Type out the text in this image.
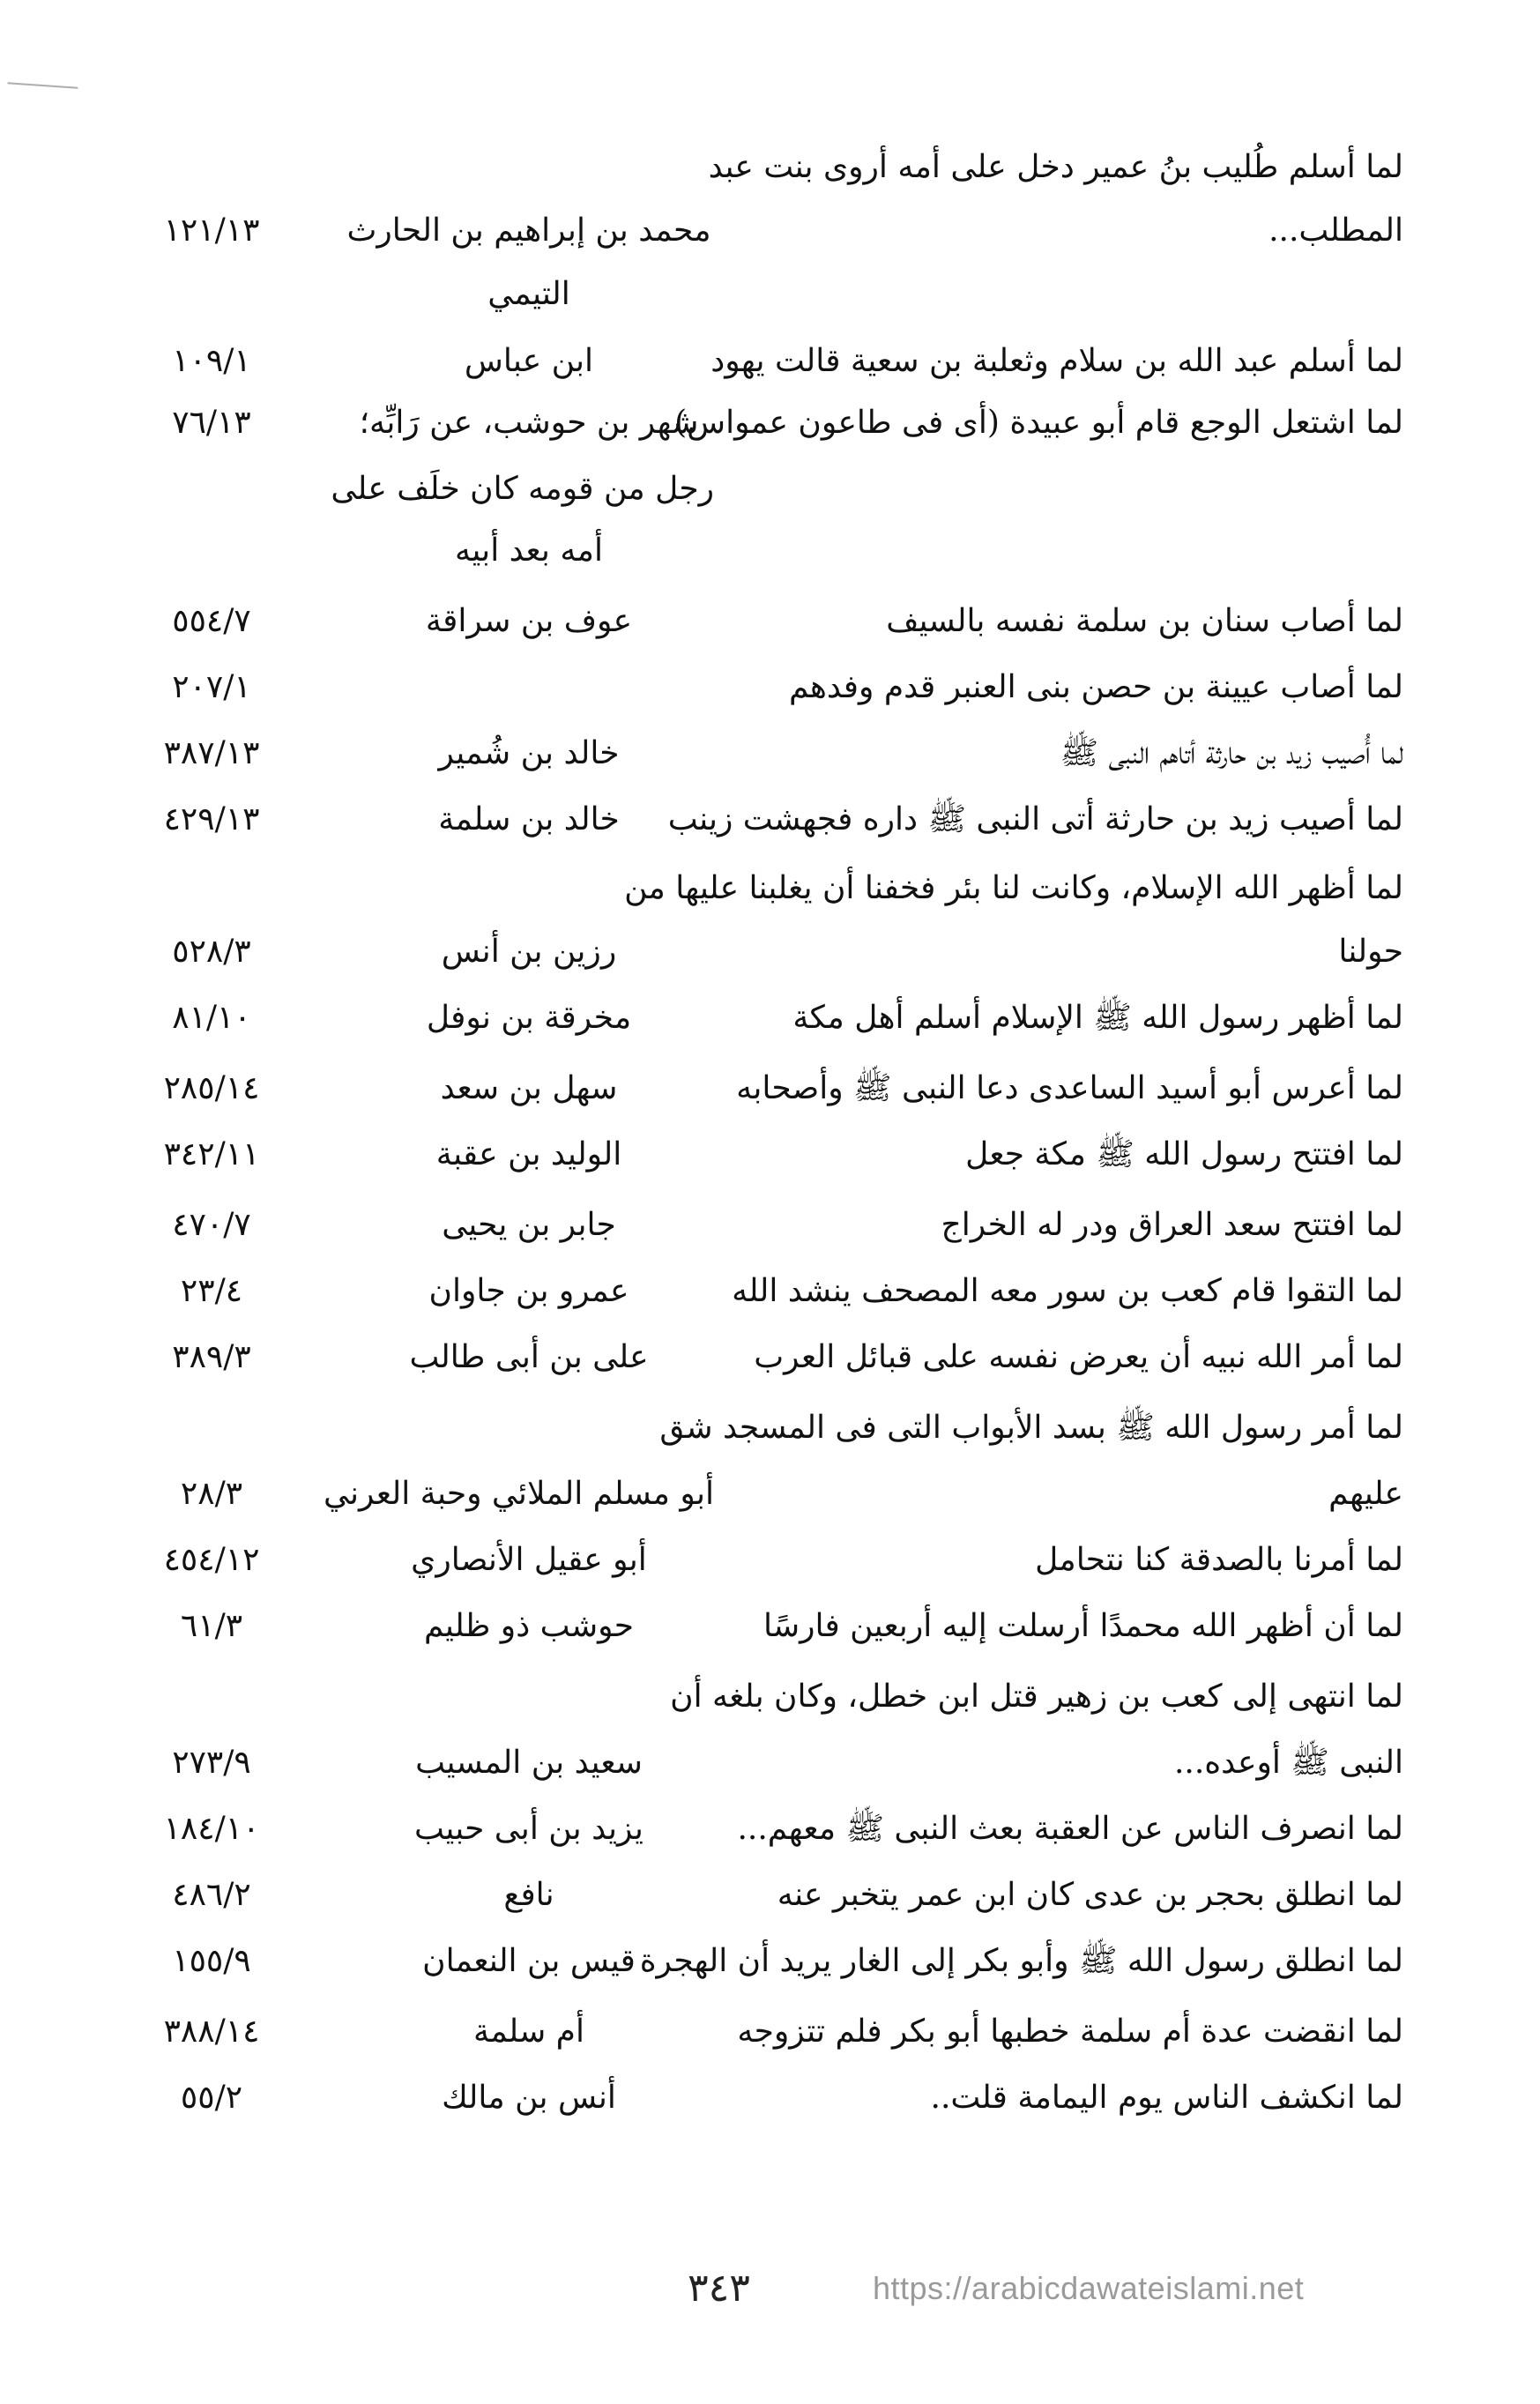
لما أسلم طُليب بنُ عمير دخل على أمه أروى بنت عبد
المطلب...
محمد بن إبراهيم بن الحارث
١٢١/١٣
التيمي
لما أسلم عبد الله بن سلام وثعلبة بن سعية قالت يهود
ابن عباس
١٠٩/١
لما اشتعل الوجع قام أبو عبيدة (أى فى طاعون عمواس)
شهر بن حوشب، عن رَابِّه؛
٧٦/١٣
رجل من قومه كان خلَف على
أمه بعد أبيه
لما أصاب سنان بن سلمة نفسه بالسيف
عوف بن سراقة
٥٥٤/٧
لما أصاب عيينة بن حصن بنى العنبر قدم وفدهم
٢٠٧/١
لما أُصيب زيد بن حارثة أتاهم النبى ﷺ
خالد بن شُمير
٣٨٧/١٣
لما أصيب زيد بن حارثة أتى النبى ﷺ داره فجهشت زينب
خالد بن سلمة
٤٢٩/١٣
لما أظهر الله الإسلام، وكانت لنا بئر فخفنا أن يغلبنا عليها من
حولنا
رزين بن أنس
٥٢٨/٣
لما أظهر رسول الله ﷺ الإسلام أسلم أهل مكة
مخرقة بن نوفل
٨١/١٠
لما أعرس أبو أسيد الساعدى دعا النبى ﷺ وأصحابه
سهل بن سعد
٢٨٥/١٤
لما افتتح رسول الله ﷺ مكة جعل
الوليد بن عقبة
٣٤٢/١١
لما افتتح سعد العراق ودر له الخراج
جابر بن يحيى
٤٧٠/٧
لما التقوا قام كعب بن سور معه المصحف ينشد الله
عمرو بن جاوان
٢٣/٤
لما أمر الله نبيه أن يعرض نفسه على قبائل العرب
على بن أبى طالب
٣٨٩/٣
لما أمر رسول الله ﷺ بسد الأبواب التى فى المسجد شق
عليهم
أبو مسلم الملائي وحبة العرني
٢٨/٣
لما أمرنا بالصدقة كنا نتحامل
أبو عقيل الأنصاري
٤٥٤/١٢
لما أن أظهر الله محمدًا أرسلت إليه أربعين فارسًا
حوشب ذو ظليم
٦١/٣
لما انتهى إلى كعب بن زهير قتل ابن خطل، وكان بلغه أن
النبى ﷺ أوعده...
سعيد بن المسيب
٢٧٣/٩
لما انصرف الناس عن العقبة بعث النبى ﷺ معهم...
يزيد بن أبى حبيب
١٨٤/١٠
لما انطلق بحجر بن عدى كان ابن عمر يتخبر عنه
نافع
٤٨٦/٢
لما انطلق رسول الله ﷺ وأبو بكر إلى الغار يريد أن الهجرة
قيس بن النعمان
١٥٥/٩
لما انقضت عدة أم سلمة خطبها أبو بكر فلم تتزوجه
أم سلمة
٣٨٨/١٤
لما انكشف الناس يوم اليمامة قلت..
أنس بن مالك
٥٥/٢
٣٤٣	https://arabicdawateislami.net
